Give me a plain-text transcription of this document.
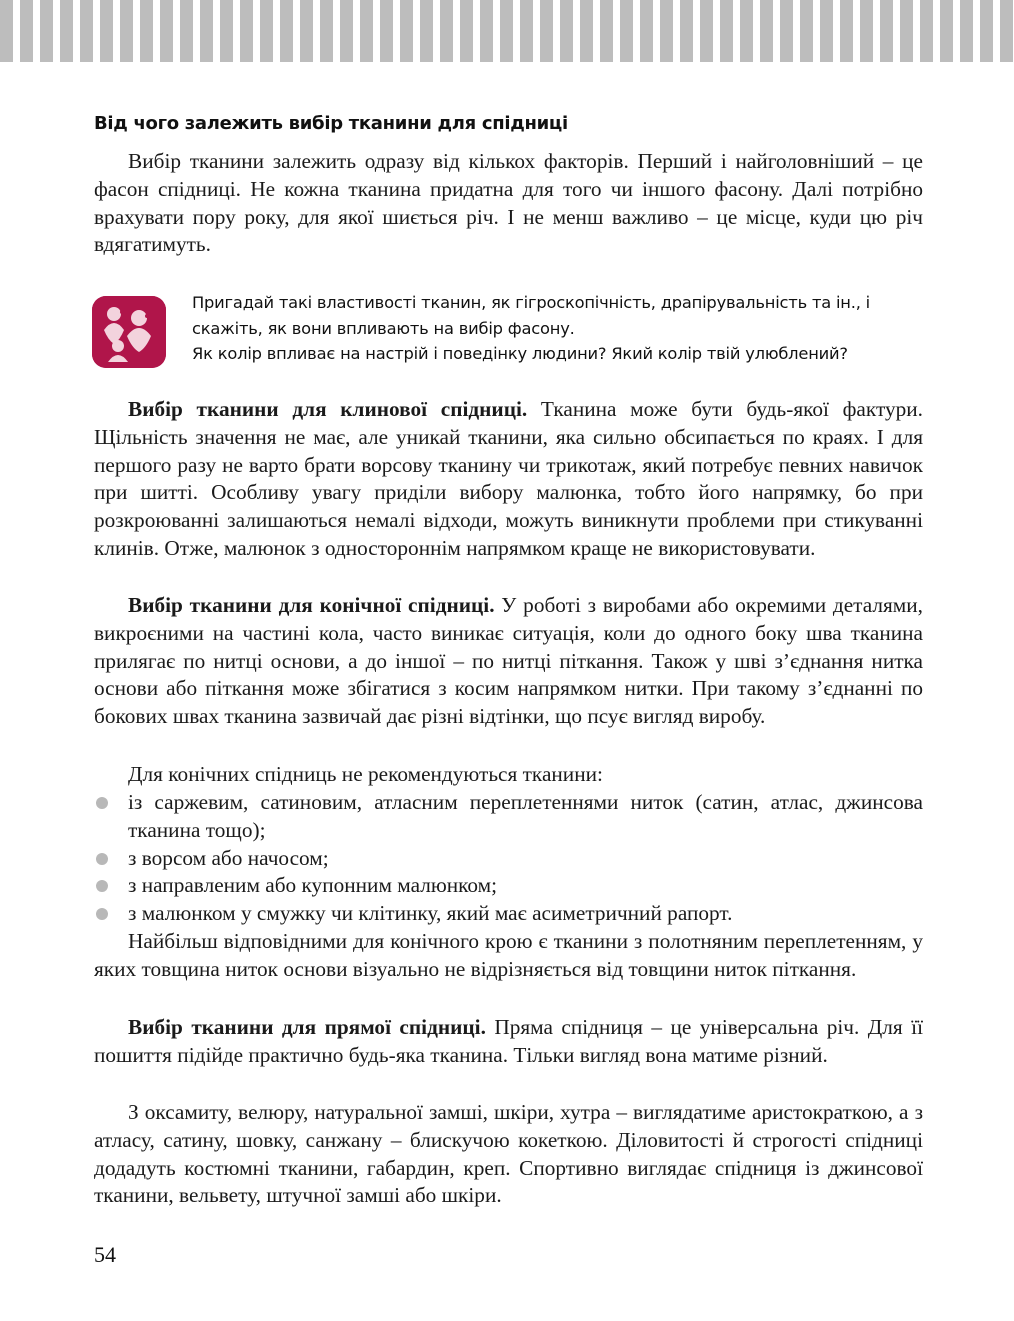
Від чого залежить вибір тканини для спідниці

Вибір тканини залежить одразу від кількох факторів. Перший і найголовніший – це фасон спідниці. Не кожна тканина придатна для того чи іншого фасону. Далі потрібно врахувати пору року, для якої шиється річ. І не менш важливо – це місце, куди цю річ вдягатимуть.

Пригадай такі властивості тканин, як гігроскопічність, драпірувальність та ін., і скажіть, як вони впливають на вибір фасону.
Як колір впливає на настрій і поведінку людини? Який колір твій улюблений?

Вибір тканини для клинової спідниці. Тканина може бути будь-якої фактури. Щільність значення не має, але уникай тканини, яка сильно обсипається по краях. І для першого разу не варто брати ворсову тканину чи трикотаж, який потребує певних навичок при шитті. Особливу увагу приділи вибору малюнка, тобто його напрямку, бо при розкроюванні залишаються немалі відходи, можуть виникнути проблеми при стикуванні клинів. Отже, малюнок з одностороннім напрямком краще не використовувати.

Вибір тканини для конічної спідниці. У роботі з виробами або окремими деталями, викроєними на частині кола, часто виникає ситуація, коли до одного боку шва тканина прилягає по нитці основи, а до іншої – по нитці піткання. Також у шві з’єднання нитка основи або піткання може збігатися з косим напрямком нитки. При такому з’єднанні по бокових швах тканина зазвичай дає різні відтінки, що псує вигляд виробу.

Для конічних спідниць не рекомендуються тканини:

із саржевим, сатиновим, атласним переплетеннями ниток (сатин, атлас, джинсова тканина тощо);
з ворсом або начосом;
з направленим або купонним малюнком;
з малюнком у смужку чи клітинку, який має асиметричний рапорт.

Найбільш відповідними для конічного крою є тканини з полотняним переплетенням, у яких товщина ниток основи візуально не відрізняється від товщини ниток піткання.

Вибір тканини для прямої спідниці. Пряма спідниця – це універсальна річ. Для її пошиття підійде практично будь-яка тканина. Тільки вигляд вона матиме різний.

З оксамиту, велюру, натуральної замші, шкіри, хутра – виглядатиме аристократкою, а з атласу, сатину, шовку, санжану – блискучою кокеткою. Діловитості й строгості спідниці додадуть костюмні тканини, габардин, креп. Спортивно виглядає спідниця із джинсової тканини, вельвету, штучної замші або шкіри.

54
